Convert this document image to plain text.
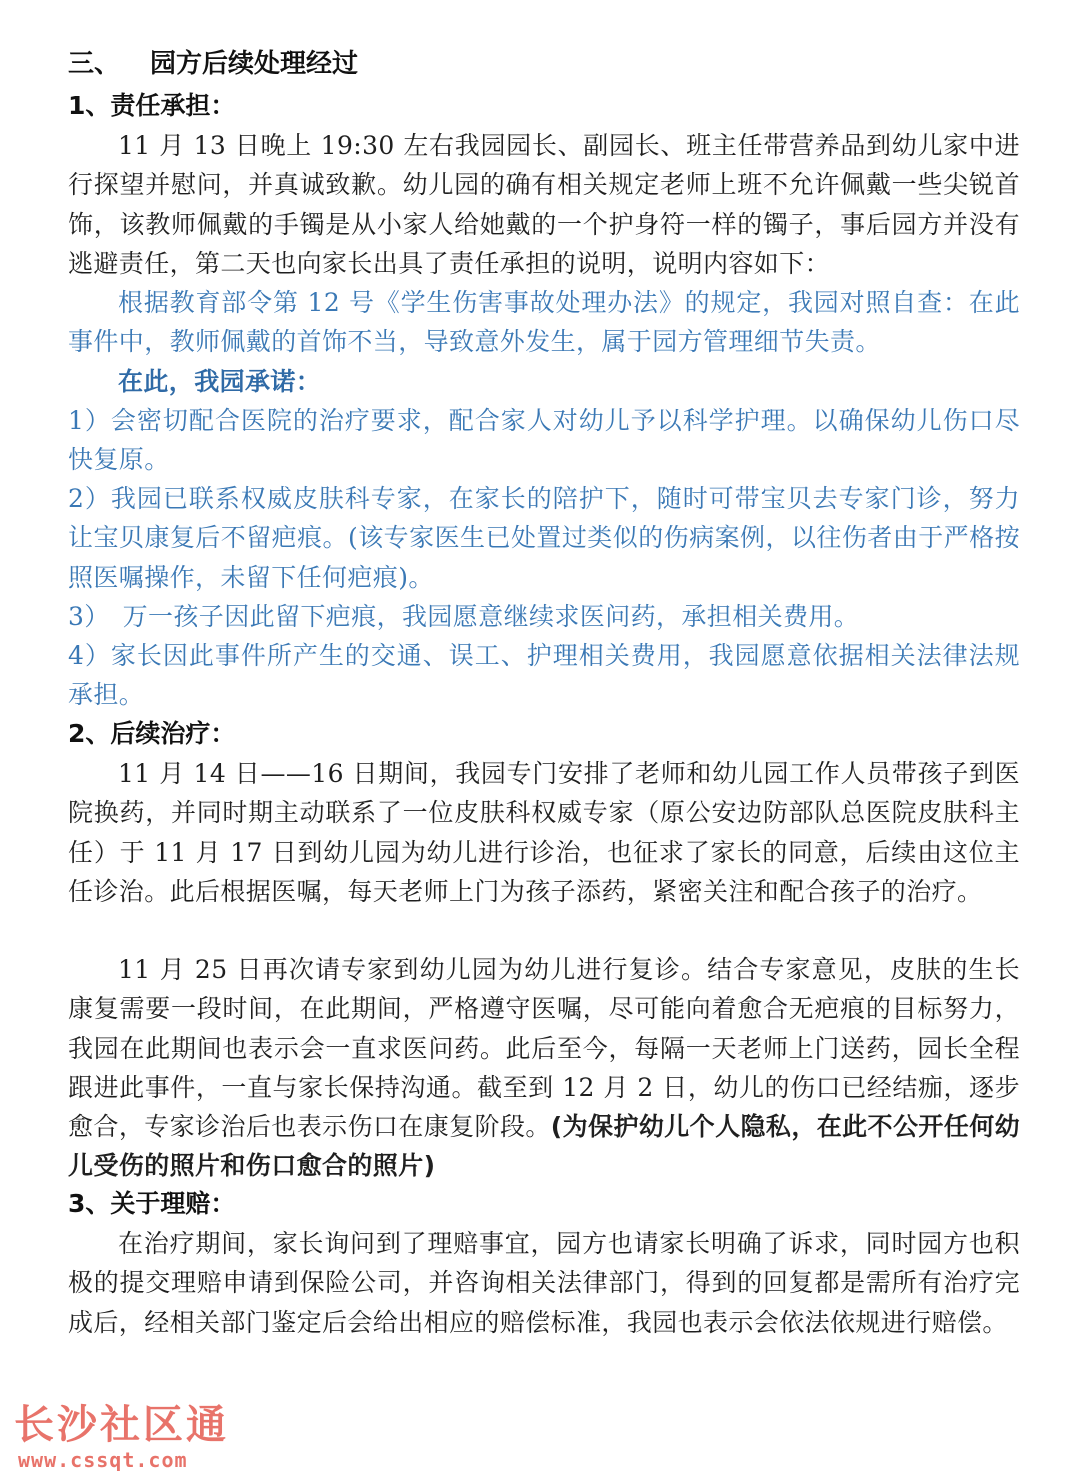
三、 园方后续处理经过
1、责任承担：

11 月 13 日晚上 19:30 左右我园园长、副园长、班主任带营养品到幼儿家中进行探望并慰问，并真诚致歉。幼儿园的确有相关规定老师上班不允许佩戴一些尖锐首饰，该教师佩戴的手镯是从小家人给她戴的一个护身符一样的镯子，事后园方并没有逃避责任，第二天也向家长出具了责任承担的说明，说明内容如下：

根据教育部令第 12 号《学生伤害事故处理办法》的规定，我园对照自查：在此事件中，教师佩戴的首饰不当，导致意外发生，属于园方管理细节失责。

在此，我园承诺：

1）会密切配合医院的治疗要求，配合家人对幼儿予以科学护理。以确保幼儿伤口尽快复原。

2）我园已联系权威皮肤科专家，在家长的陪护下，随时可带宝贝去专家门诊，努力让宝贝康复后不留疤痕。(该专家医生已处置过类似的伤病案例，以往伤者由于严格按照医嘱操作，未留下任何疤痕)。

3）　万一孩子因此留下疤痕，我园愿意继续求医问药，承担相关费用。

4）家长因此事件所产生的交通、误工、护理相关费用，我园愿意依据相关法律法规承担。

2、后续治疗：

11 月 14 日——16 日期间，我园专门安排了老师和幼儿园工作人员带孩子到医院换药，并同时期主动联系了一位皮肤科权威专家（原公安边防部队总医院皮肤科主任）于 11 月 17 日到幼儿园为幼儿进行诊治，也征求了家长的同意，后续由这位主任诊治。此后根据医嘱，每天老师上门为孩子添药，紧密关注和配合孩子的治疗。

11 月 25 日再次请专家到幼儿园为幼儿进行复诊。结合专家意见，皮肤的生长康复需要一段时间，在此期间，严格遵守医嘱，尽可能向着愈合无疤痕的目标努力，我园在此期间也表示会一直求医问药。此后至今，每隔一天老师上门送药，园长全程跟进此事件，一直与家长保持沟通。截至到 12 月 2 日，幼儿的伤口已经结痂，逐步愈合，专家诊治后也表示伤口在康复阶段。(为保护幼儿个人隐私，在此不公开任何幼儿受伤的照片和伤口愈合的照片)

3、关于理赔：

在治疗期间，家长询问到了理赔事宜，园方也请家长明确了诉求，同时园方也积极的提交理赔申请到保险公司，并咨询相关法律部门，得到的回复都是需所有治疗完成后，经相关部门鉴定后会给出相应的赔偿标准，我园也表示会依法依规进行赔偿。

长沙社区通
www.cssqt.com
